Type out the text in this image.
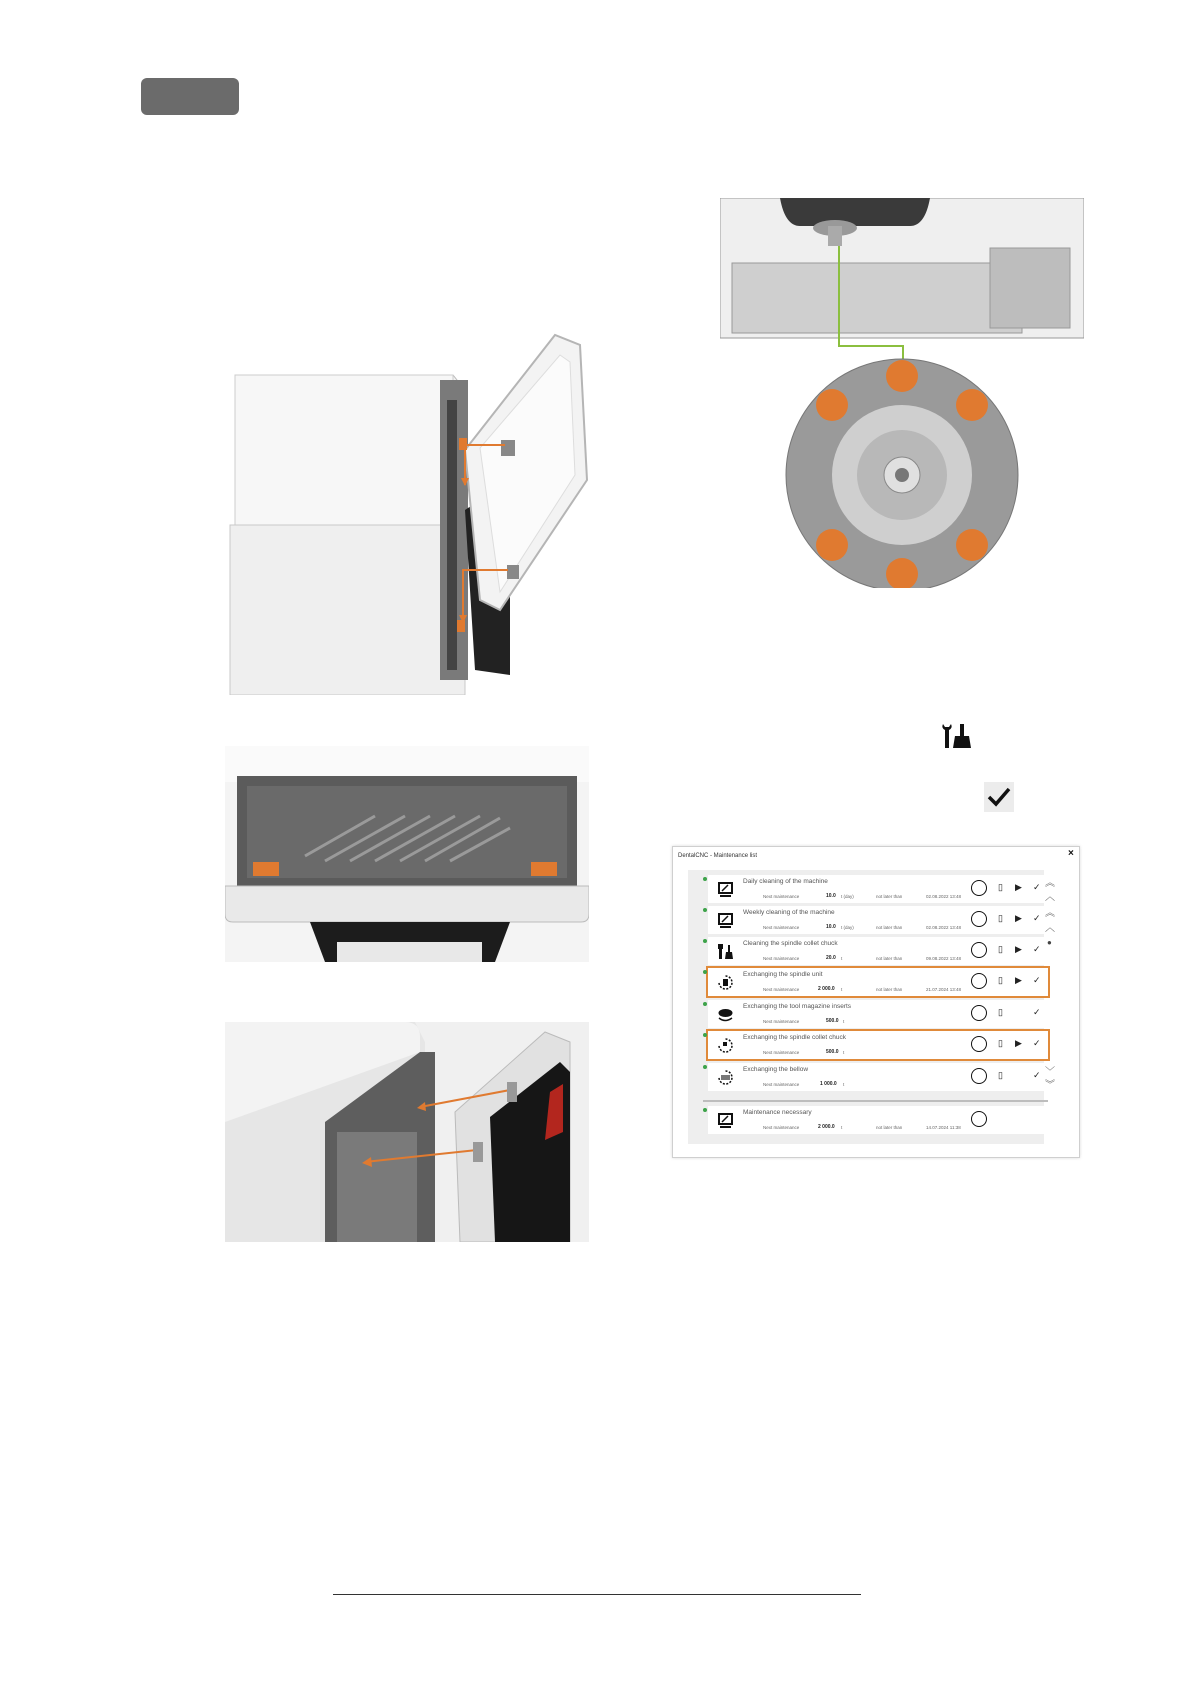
DentalCNC - Maintenance list	×
Daily cleaning of the machine
Next maintenance	10.0 t (day)	not later than	02.08.2022 13:48
▯ ▶ ✓
Weekly cleaning of the machine
Next maintenance	10.0 t (day)	not later than	02.08.2022 13:48
▯ ▶ ✓
Cleaning the spindle collet chuck
Next maintenance	20.0 t	not later than	09.08.2022 13:48
▯ ▶ ✓
Exchanging the spindle unit
Next maintenance	2 000.0 t	not later than	21.07.2024 13:48
▯ ▶ ✓
Exchanging the tool magazine inserts
Next maintenance	500.0 t
▯	✓
Exchanging the spindle collet chuck
Next maintenance	500.0 t
▯ ▶ ✓
Exchanging the bellow
Next maintenance	1 000.0 t
▯	✓
Maintenance necessary
Next maintenance	2 000.0 t	not later than	14.07.2024 11:38
︽
︿
︽
︿
●
﹀
︾
